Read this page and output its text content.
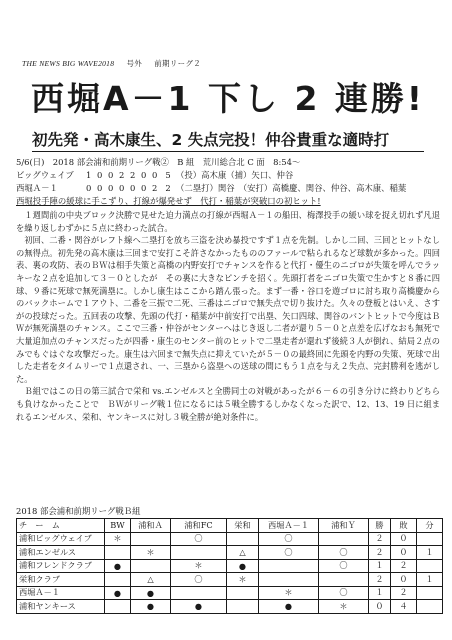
THE NEWS BIG WAVE2018 号外 前期リーグ２
西堀A－1 下し 2 連勝!
初先発・高木康生、2 失点完投！仲谷貴重な適時打
5/6(日)　2018 部会浦和前期リーグ戦②　B 組　荒川総合北 C 面　8:54～
ビッグウェイブ	1 0 0 2 2 0 0 5 （投）高木康（捕）矢口、仲谷
西堀Ａ－１	0 0 0 0 0 0 2 2 （二塁打）関谷　（安打）高橋慶、関谷、仲谷、高木康、稲葉
西堀投手陣の緩球に手こずり、打線が爆発せず　代打・稲葉が突破口の初ヒット!
　１週間前の中央ブロック決勝で見せた迫力満点の打線が西堀Ａ－１の船田、梅澤投手の緩い球を捉え切れず凡退を繰り返しわずかに５点に終わった試合。
　初回、二番・関谷がレフト線へ二塁打を放ち三盗を決め暴投ですず１点を先制。しかし二回、三回とヒットなしの無得点。初先発の高木康は三回まで安打こそ許さなかったもののファールで粘られるなど球数が多かった。四回表、裏の攻防、表のＢＷは相手失策と高橋の内野安打でチャンスを作ると代打・優生のニゴロが失策を呼んでラッキーな２点を追加して３－０としたが　その裏に大きなピンチを招く。先頭打者をニゴロ失策で生かすと８番に四球、９番に死球で無死満塁に。しかし康生はここから踏ん張った。まず一番・谷口を遊ゴロに討ち取り高橋慶からのバックホームで１アウト、二番を三振で二死、三番はニゴロで無失点で切り抜けた。久々の登板とはいえ、さすがの投球だった。五回表の攻撃、先頭の代打・稲葉が中前安打で出塁、矢口四球、関谷のバントヒットで今度はＢＷが無死満塁のチャンス。ここで三番・仲谷がセンターへはじき返し二者が還り５－０と点差を広げなおも無死で大量追加点のチャンスだったが四番・康生のセンター前のヒットで二塁走者が還れず後続３人が倒れ、結局２点のみでもぐはぐな攻撃だった。康生は六回まで無失点に抑えていたが５－０の最終回に先頭を内野の失策、死球で出した走者をタイムリーで１点還され、一、三塁から盗塁への送球の間にもう１点を与え２失点、完封勝利を逃がした。
　Ｂ組ではこの日の第三試合で栄和 vs.エンゼルスと全勝同士の対戦があったが６－６の引き分けに終わりどちらも負けなかったことで　ＢＷがリーグ戦１位になるには５戦全勝するしかなくなった訳で、12、13、19 日に組まれるエンゼルス、栄和、ヤンキースに対し３戦全勝が絶対条件に。
2018 部会浦和前期リーグ戦Ｂ組
チ　ー　ム	BW	浦和Ａ	浦和FC	栄和	西堀Ａ－１	浦和Ｙ	勝	敗	分
浦和ビッグウェイブ	＊		〇		〇		２	０	
浦和エンゼルス		＊		△	〇	〇	２	０	１
浦和フレンドクラブ	●		＊	●		〇	１	２	
栄和クラブ		△	〇	＊			２	０	１
西堀Ａ－１	●	●			＊	〇	１	２	
浦和ヤンキース		●	●		●	＊	０	４	
